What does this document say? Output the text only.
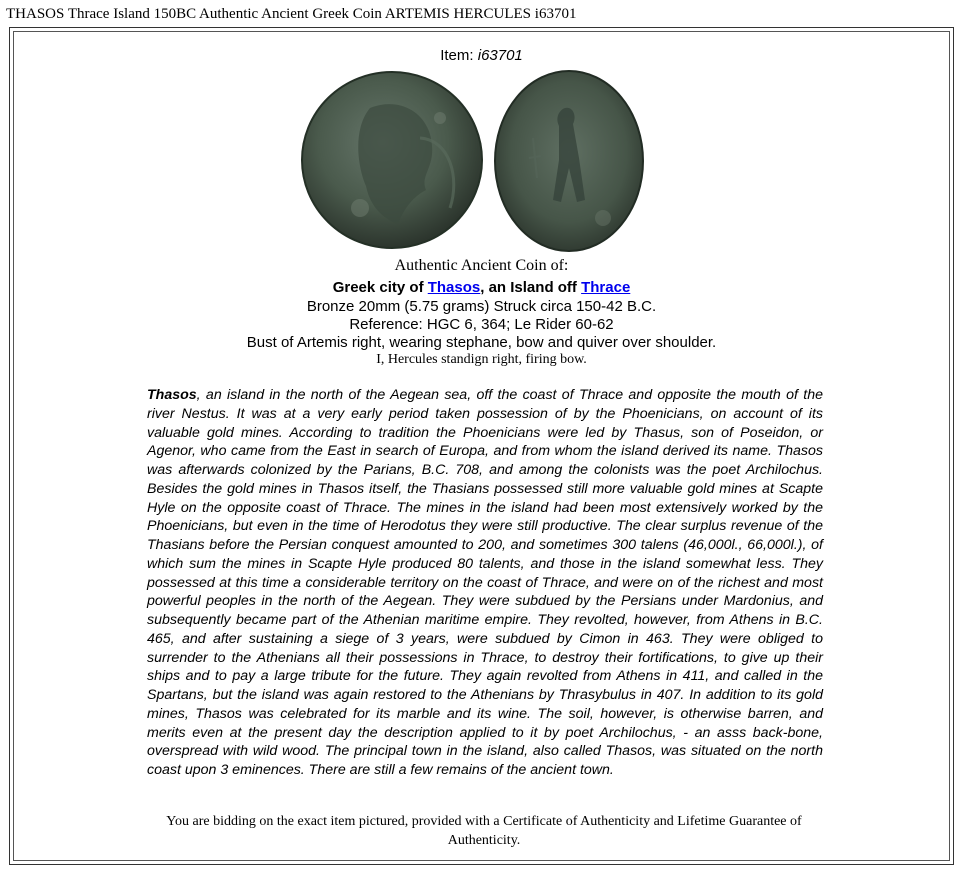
THASOS Thrace Island 150BC Authentic Ancient Greek Coin ARTEMIS HERCULES i63701
Item: i63701
Authentic Ancient Coin of:
Greek city of Thasos, an Island off Thrace
Bronze 20mm (5.75 grams) Struck circa 150-42 B.C.
Reference: HGC 6, 364; Le Rider 60-62
Bust of Artemis right, wearing stephane, bow and quiver over shoulder.
I, Hercules standign right, firing bow.
Thasos, an island in the north of the Aegean sea, off the coast of Thrace and opposite the mouth of the river Nestus. It was at a very early period taken possession of by the Phoenicians, on account of its valuable gold mines. According to tradition the Phoenicians were led by Thasus, son of Poseidon, or Agenor, who came from the East in search of Europa, and from whom the island derived its name. Thasos was afterwards colonized by the Parians, B.C. 708, and among the colonists was the poet Archilochus. Besides the gold mines in Thasos itself, the Thasians possessed still more valuable gold mines at Scapte Hyle on the opposite coast of Thrace. The mines in the island had been most extensively worked by the Phoenicians, but even in the time of Herodotus they were still productive. The clear surplus revenue of the Thasians before the Persian conquest amounted to 200, and sometimes 300 talens (46,000l., 66,000l.), of which sum the mines in Scapte Hyle produced 80 talents, and those in the island somewhat less. They possessed at this time a considerable territory on the coast of Thrace, and were on of the richest and most powerful peoples in the north of the Aegean. They were subdued by the Persians under Mardonius, and subsequently became part of the Athenian maritime empire. They revolted, however, from Athens in B.C. 465, and after sustaining a siege of 3 years, were subdued by Cimon in 463. They were obliged to surrender to the Athenians all their possessions in Thrace, to destroy their fortifications, to give up their ships and to pay a large tribute for the future. They again revolted from Athens in 411, and called in the Spartans, but the island was again restored to the Athenians by Thrasybulus in 407. In addition to its gold mines, Thasos was celebrated for its marble and its wine. The soil, however, is otherwise barren, and merits even at the present day the description applied to it by poet Archilochus, - an asss back-bone, overspread with wild wood. The principal town in the island, also called Thasos, was situated on the north coast upon 3 eminences. There are still a few remains of the ancient town.
You are bidding on the exact item pictured, provided with a Certificate of Authenticity and Lifetime Guarantee of Authenticity.
